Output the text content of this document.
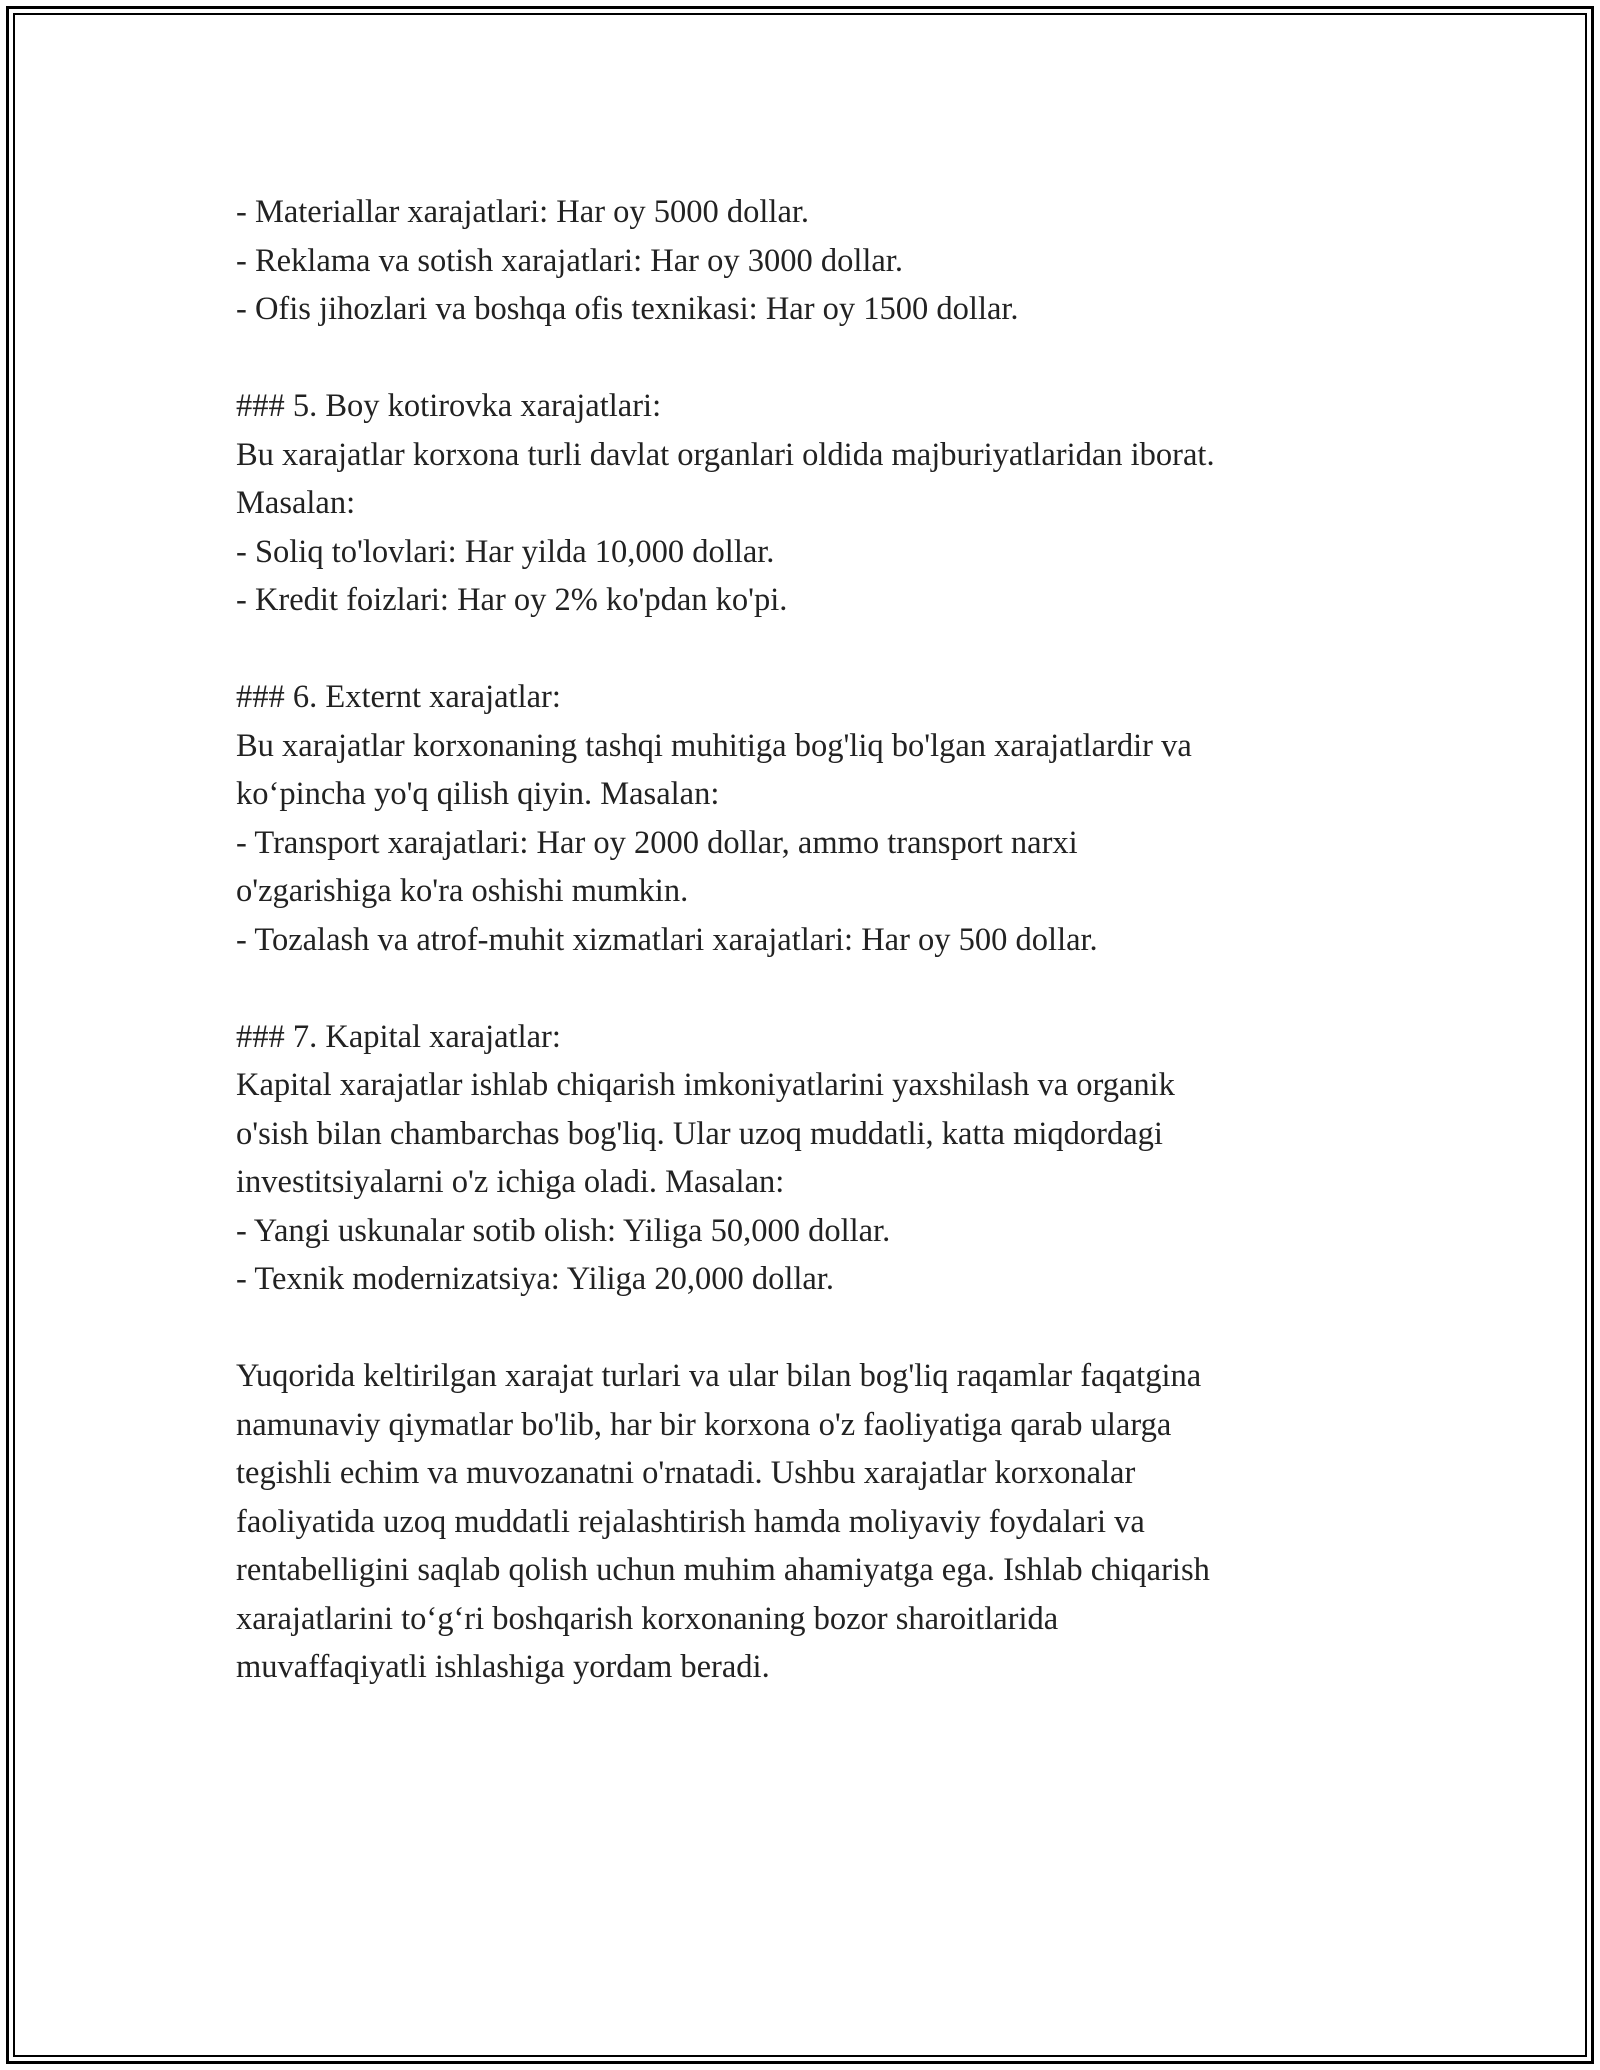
- Materiallar xarajatlari: Har oy 5000 dollar.
- Reklama va sotish xarajatlari: Har oy 3000 dollar.
- Ofis jihozlari va boshqa ofis texnikasi: Har oy 1500 dollar.
### 5. Boy kotirovka xarajatlari:
Bu xarajatlar korxona turli davlat organlari oldida majburiyatlaridan iborat.
Masalan:
- Soliq to'lovlari: Har yilda 10,000 dollar.
- Kredit foizlari: Har oy 2% ko'pdan ko'pi.
### 6. Externt xarajatlar:
Bu xarajatlar korxonaning tashqi muhitiga bog'liq bo'lgan xarajatlardir va
ko‘pincha yo'q qilish qiyin. Masalan:
- Transport xarajatlari: Har oy 2000 dollar, ammo transport narxi
o'zgarishiga ko'ra oshishi mumkin.
- Tozalash va atrof-muhit xizmatlari xarajatlari: Har oy 500 dollar.
### 7. Kapital xarajatlar:
Kapital xarajatlar ishlab chiqarish imkoniyatlarini yaxshilash va organik
o'sish bilan chambarchas bog'liq. Ular uzoq muddatli, katta miqdordagi
investitsiyalarni o'z ichiga oladi. Masalan:
- Yangi uskunalar sotib olish: Yiliga 50,000 dollar.
- Texnik modernizatsiya: Yiliga 20,000 dollar.
Yuqorida keltirilgan xarajat turlari va ular bilan bog'liq raqamlar faqatgina
namunaviy qiymatlar bo'lib, har bir korxona o'z faoliyatiga qarab ularga
tegishli echim va muvozanatni o'rnatadi. Ushbu xarajatlar korxonalar
faoliyatida uzoq muddatli rejalashtirish hamda moliyaviy foydalari va
rentabelligini saqlab qolish uchun muhim ahamiyatga ega. Ishlab chiqarish
xarajatlarini to‘g‘ri boshqarish korxonaning bozor sharoitlarida
muvaffaqiyatli ishlashiga yordam beradi.
